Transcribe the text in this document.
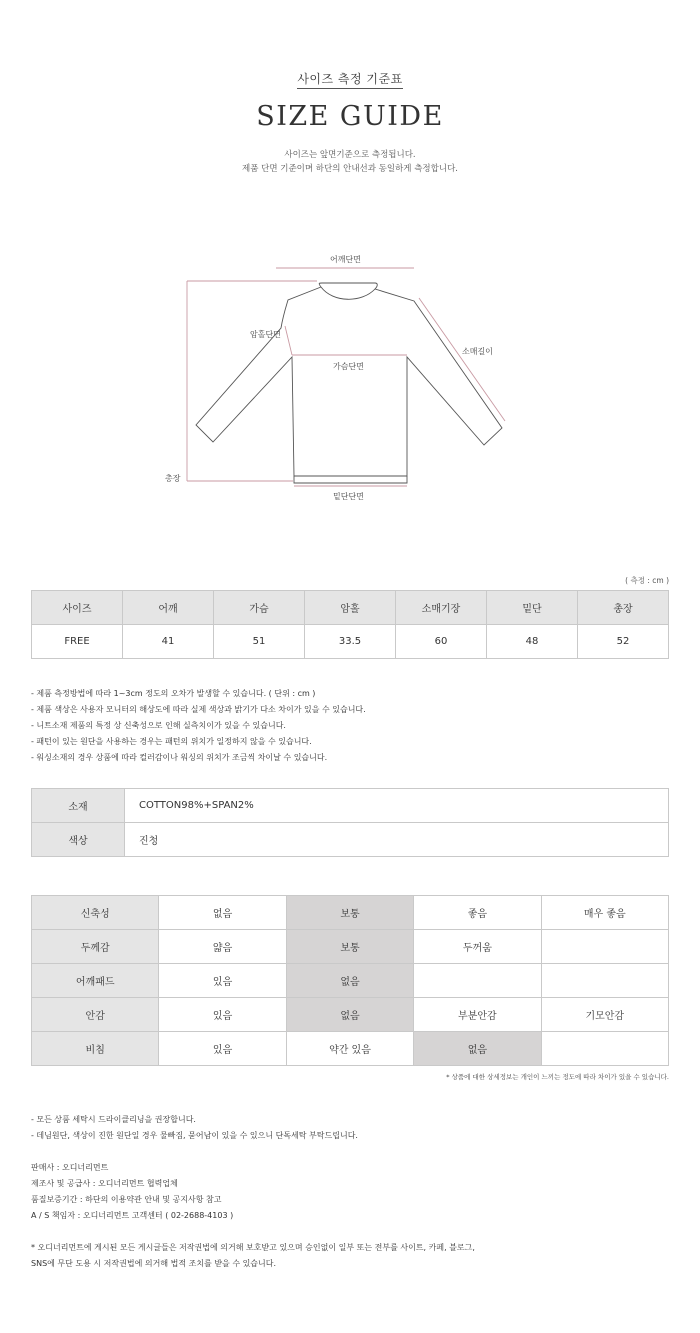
사이즈 측정 기준표
SIZE GUIDE
사이즈는 앞면기준으로 측정됩니다.
제품 단면 기준이며 하단의 안내선과 동일하게 측정합니다.
어깨단면
암홀단면
소매길이
가슴단면
총장
밑단단면
( 측정 : cm )
사이즈	어깨	가슴	암홀	소매기장	밑단	총장
FREE	41	51	33.5	60	48	52
- 제품 측정방법에 따라 1~3cm 정도의 오차가 발생할 수 있습니다. ( 단위 : cm )
- 제품 색상은 사용자 모니터의 해상도에 따라 실제 색상과 밝기가 다소 차이가 있을 수 있습니다.
- 니트소재 제품의 특정 상 신축성으로 인해 실측치이가 있을 수 있습니다.
- 패턴이 있는 원단을 사용하는 경우는 패턴의 위치가 일정하지 않을 수 있습니다.
- 워싱소재의 경우 상품에 따라 컬러감이나 워싱의 위치가 조금씩 차이날 수 있습니다.
소재	COTTON98%+SPAN2%
색상	진청
신축성	없음	보통	좋음	매우 좋음
두께감	얇음	보통	두꺼움	
어깨패드	있음	없음		
안감	있음	없음	부분안감	기모안감
비침	있음	약간 있음	없음	
* 상품에 대한 상세정보는 개인이 느끼는 정도에 따라 차이가 있을 수 있습니다.
- 모든 상품 세탁시 드라이클리닝을 권장합니다.
- 데님원단, 색상이 진한 원단일 경우 물빠짐, 묻어남이 있을 수 있으니 단독세탁 부탁드립니다.
판매사 : 오디너리먼트
제조사 및 공급사 : 오디너리먼트 협력업체
품질보증기간 : 하단의 이용약관 안내 및 공지사항 참고
A / S 책임자 : 오디너리먼트 고객센터 ( 02-2688-4103 )
* 오디너리먼트에 게시된 모든 게시글들은 저작권법에 의거해 보호받고 있으며 승인없이 일부 또는 전부를 사이트, 카페, 블로그,
SNS에 무단 도용 시 저작권법에 의거해 법적 조치를 받을 수 있습니다.
